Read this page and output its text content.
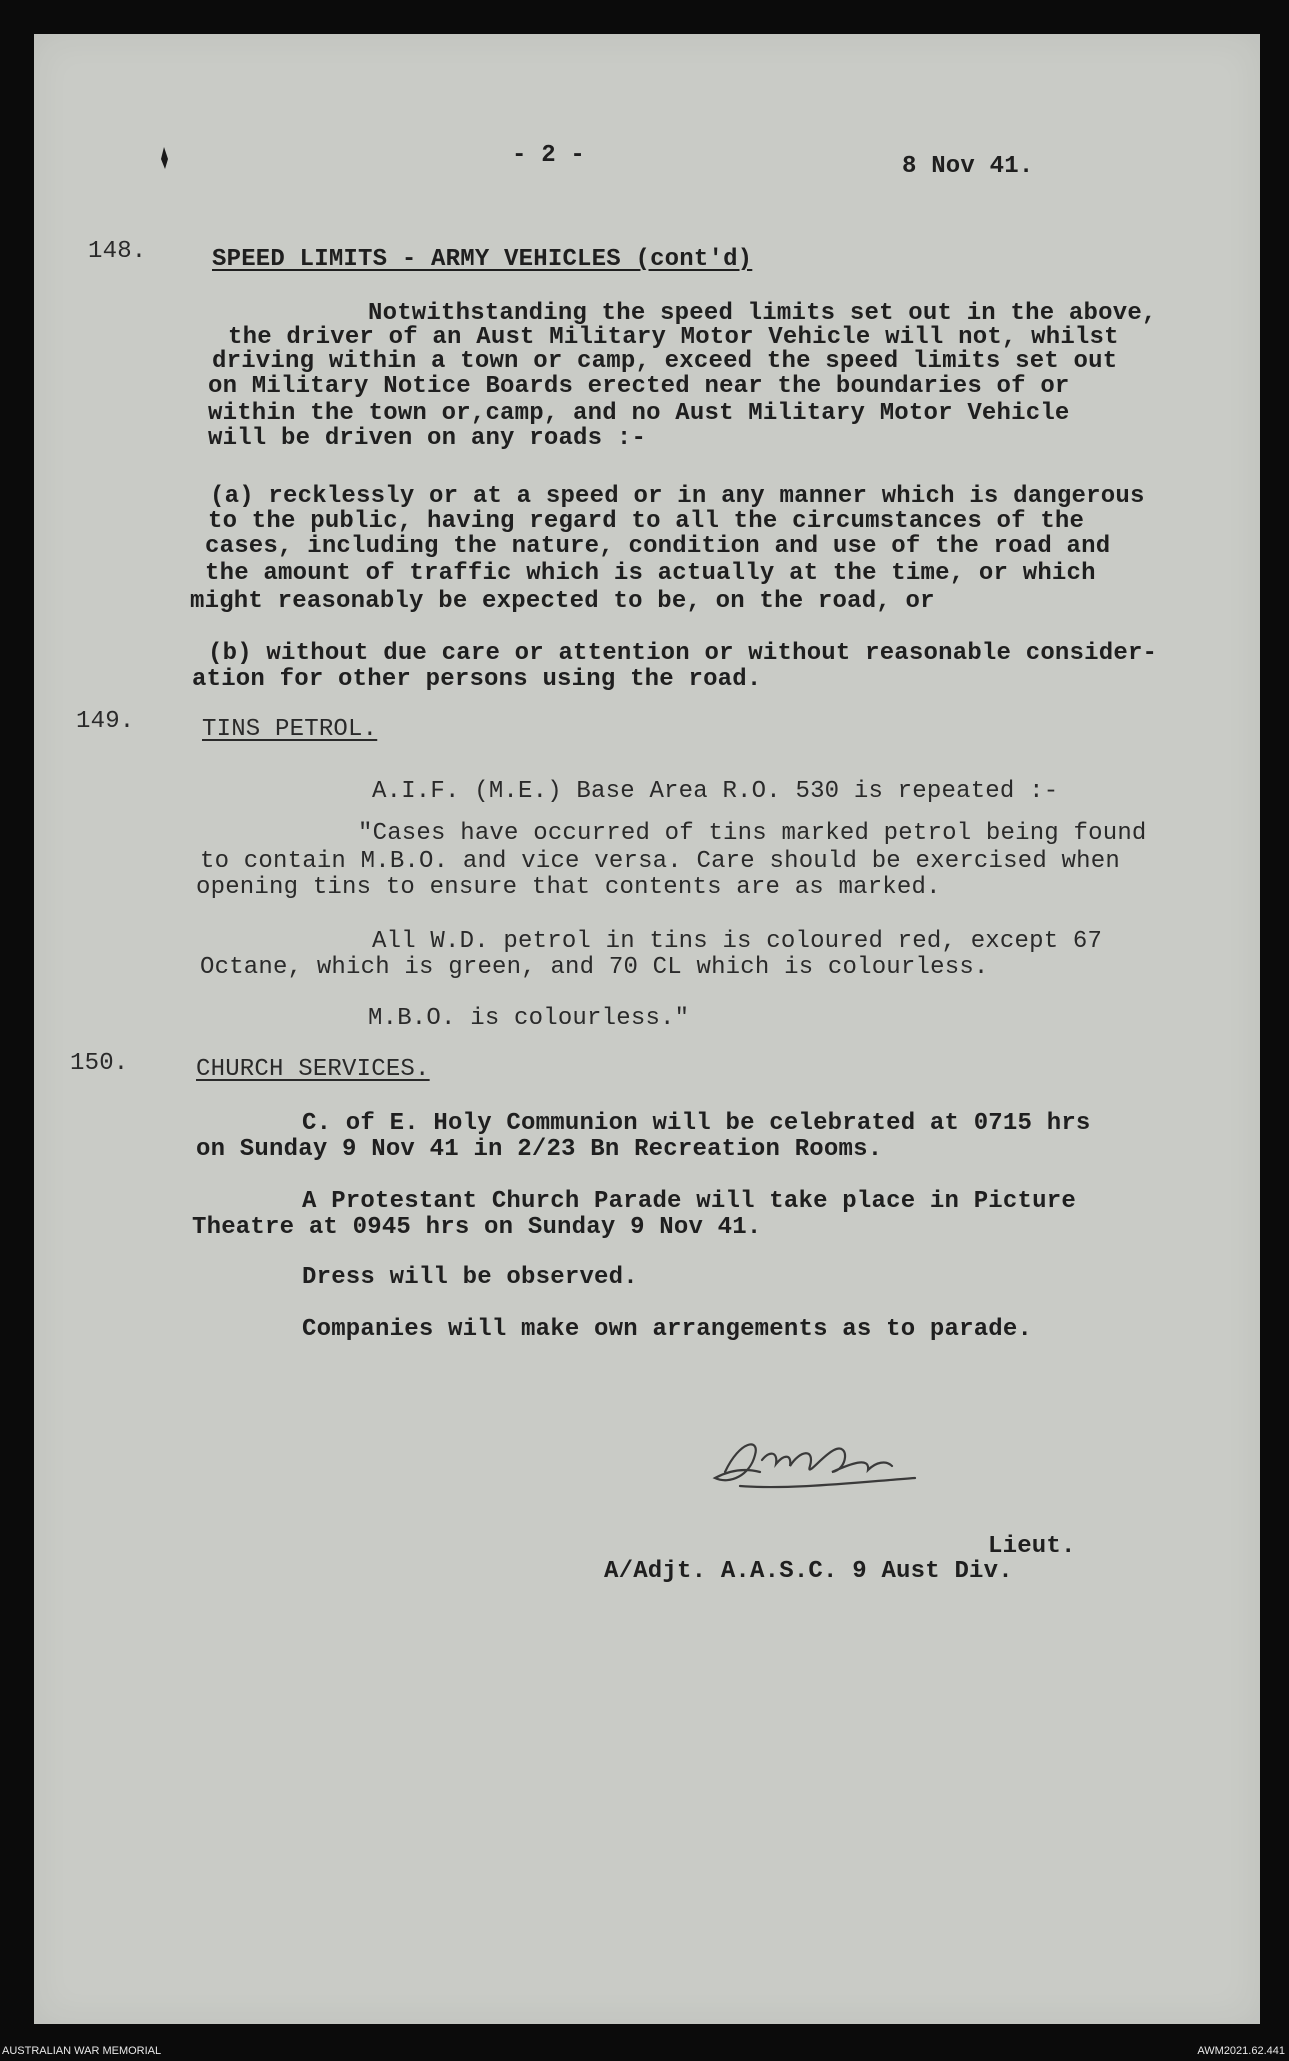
- 2 -	8 Nov 41.
148.	SPEED LIMITS - ARMY VEHICLES (cont'd)
Notwithstanding the speed limits set out in the above,
the driver of an Aust Military Motor Vehicle will not, whilst
driving within a town or camp, exceed the speed limits set out
on Military Notice Boards erected near the boundaries of or
within the town or,camp, and no Aust Military Motor Vehicle
will be driven on any roads :-
(a) recklessly or at a speed or in any manner which is dangerous
to the public, having regard to all the circumstances of the
cases, including the nature, condition and use of the road and
the amount of traffic which is actually at the time, or which
might reasonably be expected to be, on the road, or
(b) without due care or attention or without reasonable consider-
ation for other persons using the road.
149.	TINS PETROL.
A.I.F. (M.E.) Base Area R.O. 530 is repeated :-
"Cases have occurred of tins marked petrol being found
to contain M.B.O. and vice versa. Care should be exercised when
opening tins to ensure that contents are as marked.
All W.D. petrol in tins is coloured red, except 67
Octane, which is green, and 70 CL which is colourless.
M.B.O. is colourless."
150.	CHURCH SERVICES.
C. of E. Holy Communion will be celebrated at 0715 hrs
on Sunday 9 Nov 41 in 2/23 Bn Recreation Rooms.
A Protestant Church Parade will take place in Picture
Theatre at 0945 hrs on Sunday 9 Nov 41.
Dress will be observed.
Companies will make own arrangements as to parade.
Lieut.
A/Adjt. A.A.S.C. 9 Aust Div.
AUSTRALIAN WAR MEMORIAL	AWM2021.62.441
